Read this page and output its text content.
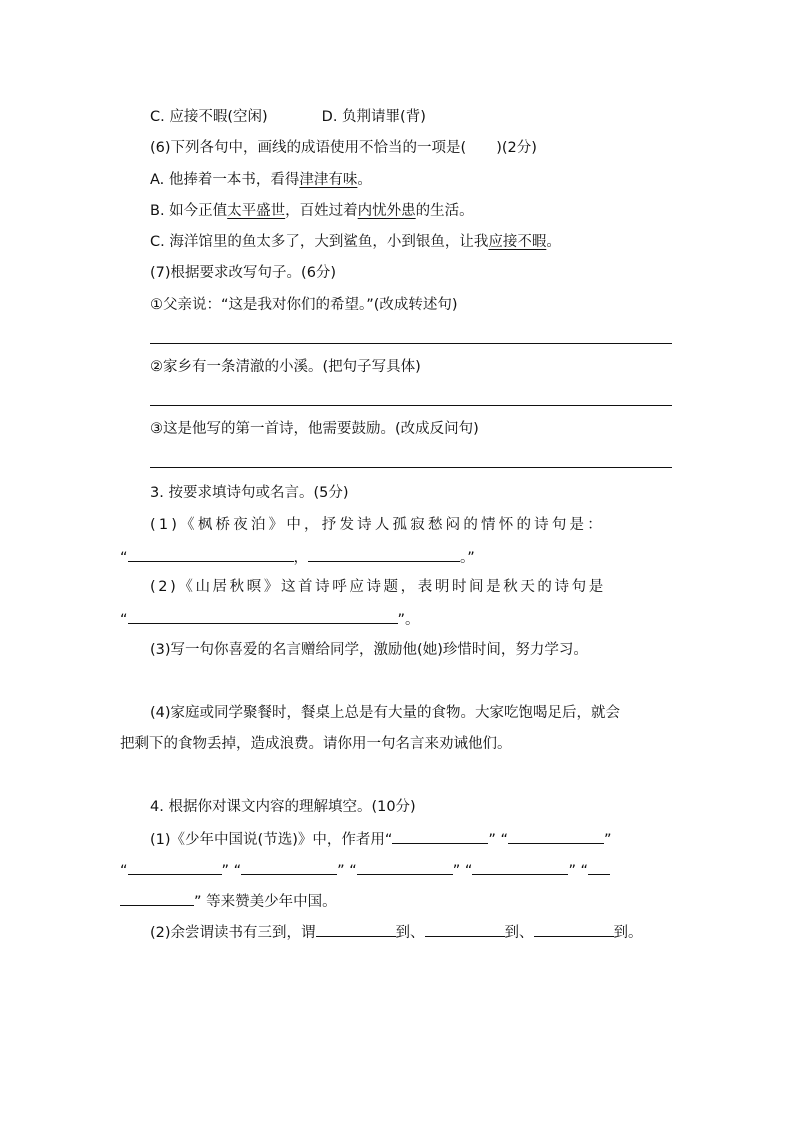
C. 应接不暇(空闲)	D. 负荆请罪(背)
(6)下列各句中，画线的成语使用不恰当的一项是( )(2分)
A. 他捧着一本书，看得津津有味。
B. 如今正值太平盛世，百姓过着内忧外患的生活。
C. 海洋馆里的鱼太多了，大到鲨鱼，小到银鱼，让我应接不暇。
(7)根据要求改写句子。(6分)
①父亲说：“这是我对你们的希望。”(改成转述句)
②家乡有一条清澈的小溪。(把句子写具体)
③这是他写的第一首诗，他需要鼓励。(改成反问句)
3. 按要求填诗句或名言。(5分)
(1)《枫桥夜泊》中，抒发诗人孤寂愁闷的情怀的诗句是：
“	，	。”
(2)《山居秋暝》这首诗呼应诗题，表明时间是秋天的诗句是
“	”。
(3)写一句你喜爱的名言赠给同学，激励他(她)珍惜时间，努力学习。
(4)家庭或同学聚餐时，餐桌上总是有大量的食物。大家吃饱喝足后，就会
把剩下的食物丢掉，造成浪费。请你用一句名言来劝诫他们。
4. 根据你对课文内容的理解填空。(10分)
(1)《少年中国说(节选)》中，作者用“	” “	”
“	” “	” “	” “	” “
” 等来赞美少年中国。
(2)余尝谓读书有三到，谓	到、	到、	到。
